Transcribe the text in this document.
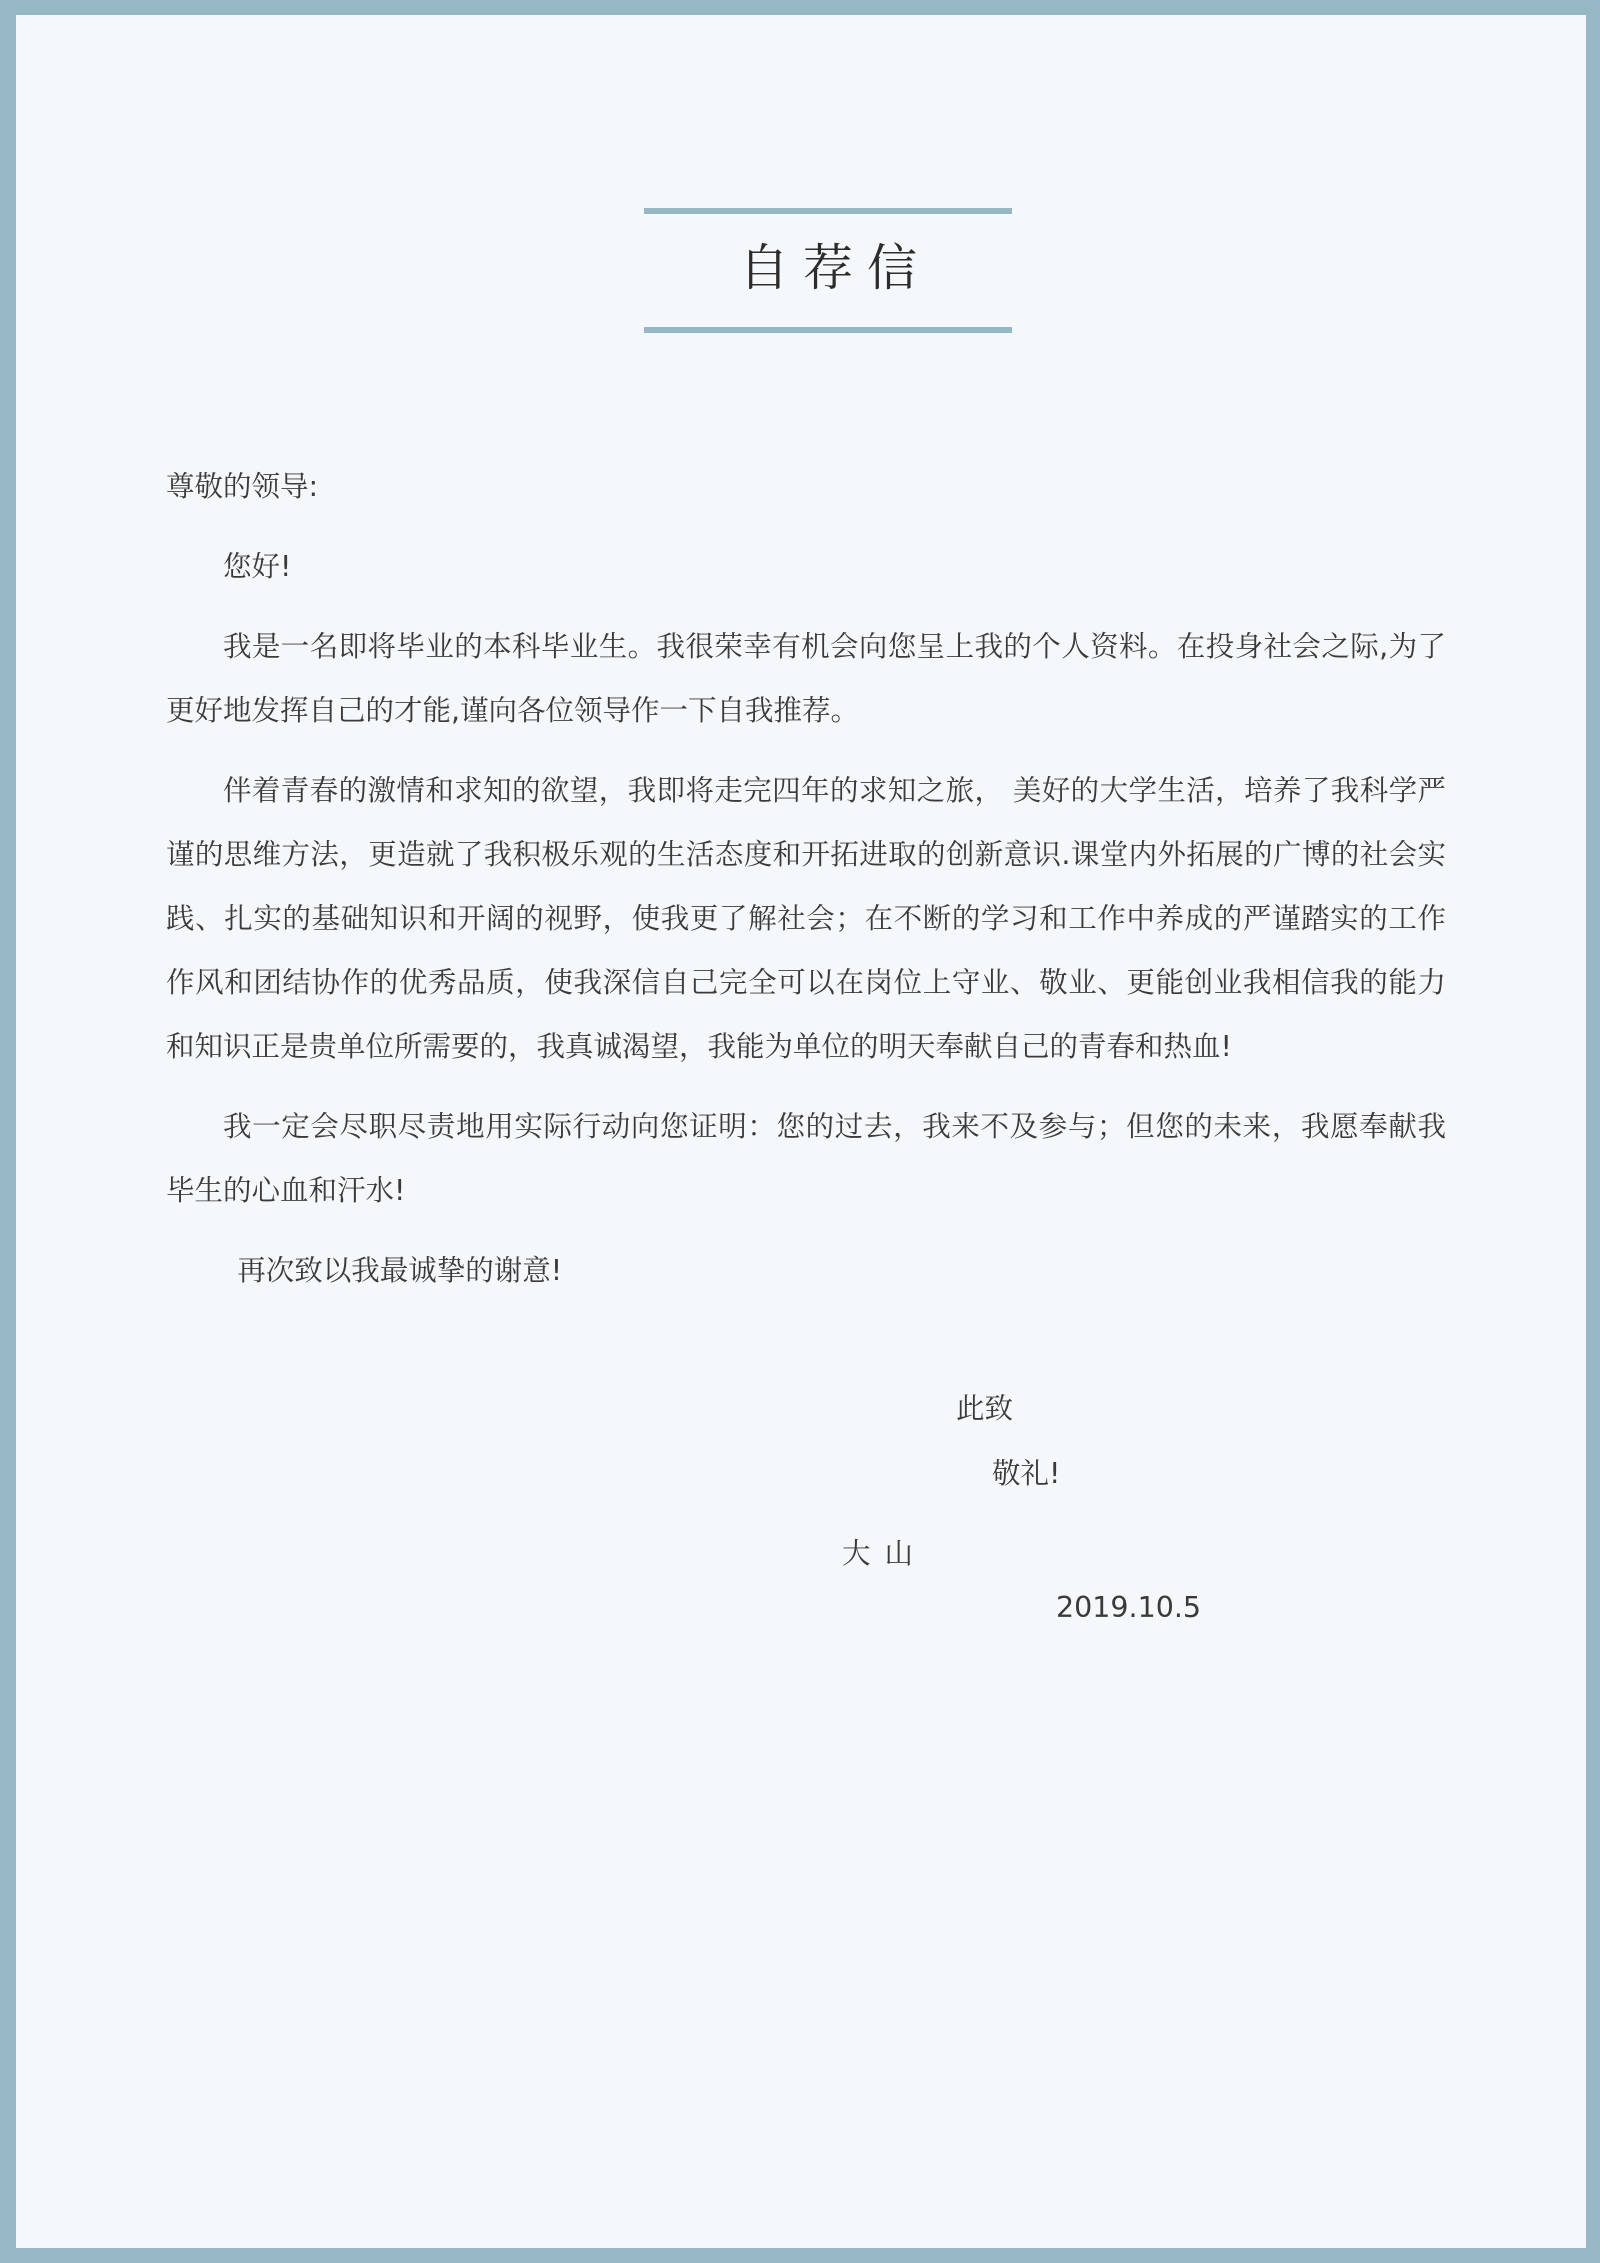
自荐信

尊敬的领导:

您好!

我是一名即将毕业的本科毕业生。我很荣幸有机会向您呈上我的个人资料。在投身社会之际,为了更好地发挥自己的才能,谨向各位领导作一下自我推荐。

伴着青春的激情和求知的欲望，我即将走完四年的求知之旅， 美好的大学生活，培养了我科学严谨的思维方法，更造就了我积极乐观的生活态度和开拓进取的创新意识.课堂内外拓展的广博的社会实践、扎实的基础知识和开阔的视野，使我更了解社会；在不断的学习和工作中养成的严谨踏实的工作作风和团结协作的优秀品质，使我深信自己完全可以在岗位上守业、敬业、更能创业我相信我的能力和知识正是贵单位所需要的，我真诚渴望，我能为单位的明天奉献自己的青春和热血!

我一定会尽职尽责地用实际行动向您证明：您的过去，我来不及参与；但您的未来，我愿奉献我毕生的心血和汗水!

再次致以我最诚挚的谢意!

此致
敬礼!
大山
2019.10.5
